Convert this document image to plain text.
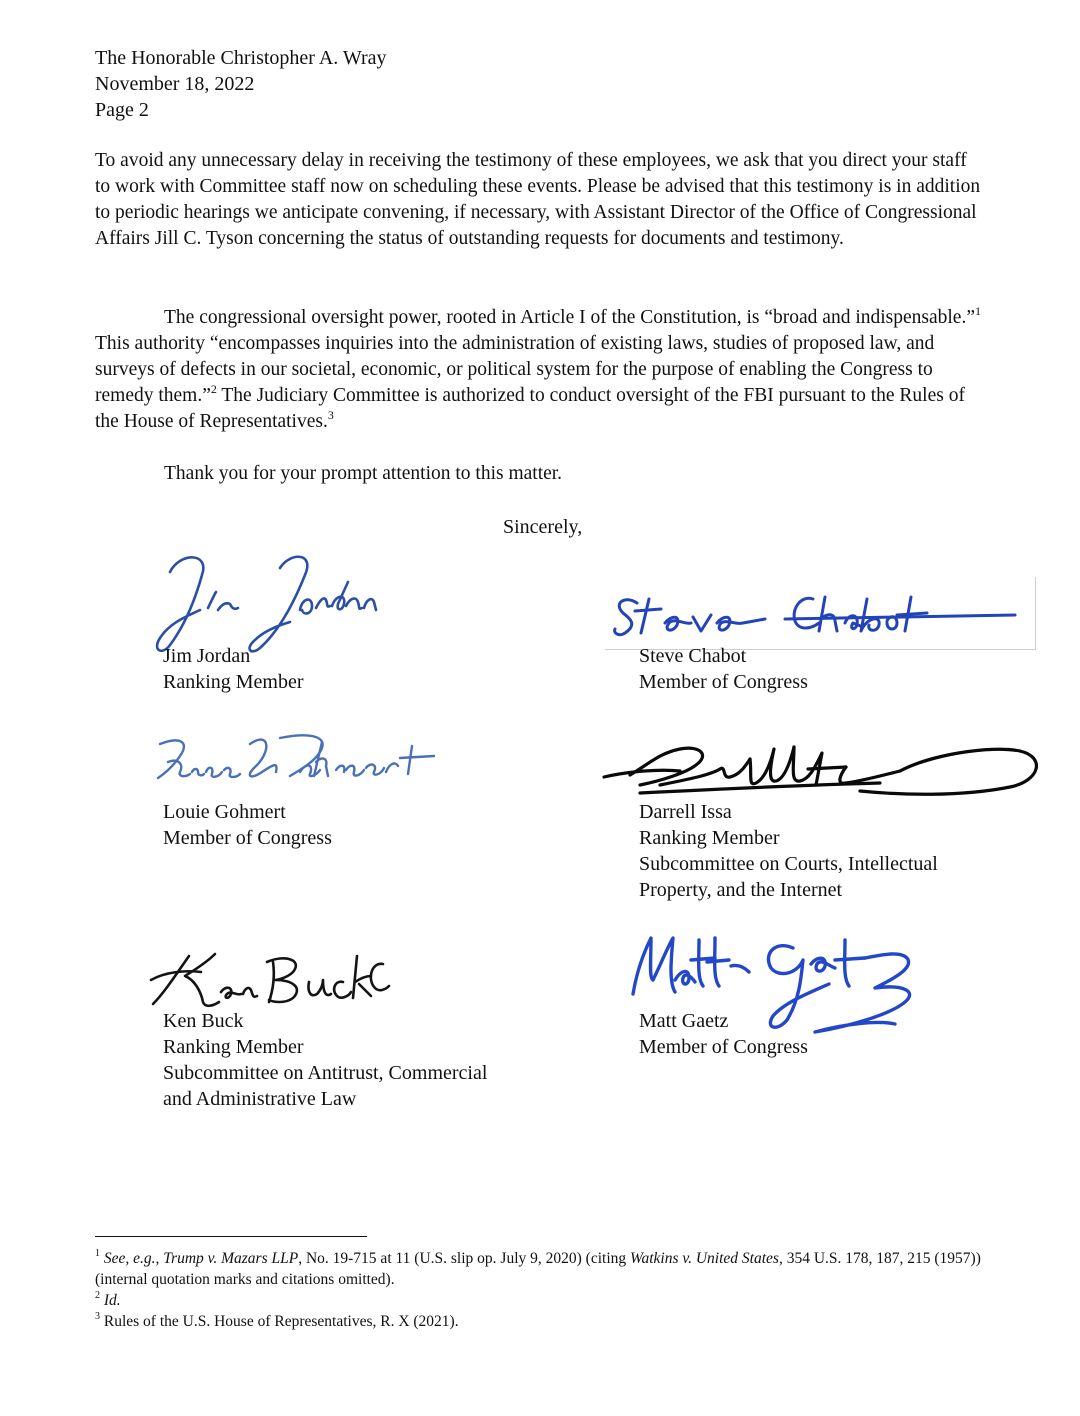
The Honorable Christopher A. Wray
November 18, 2022
Page 2

To avoid any unnecessary delay in receiving the testimony of these employees, we ask that you direct your staff to work with Committee staff now on scheduling these events. Please be advised that this testimony is in addition to periodic hearings we anticipate convening, if necessary, with Assistant Director of the Office of Congressional Affairs Jill C. Tyson concerning the status of outstanding requests for documents and testimony.

The congressional oversight power, rooted in Article I of the Constitution, is “broad and indispensable.”$^1$ This authority “encompasses inquiries into the administration of existing laws, studies of proposed law, and surveys of defects in our societal, economic, or political system for the purpose of enabling the Congress to remedy them.”$^2$ The Judiciary Committee is authorized to conduct oversight of the FBI pursuant to the Rules of the House of Representatives.$^3$

Thank you for your prompt attention to this matter.

Sincerely,
Jim Jordan
Ranking Member
Steve Chabot
Member of Congress
Louie Gohmert
Member of Congress
Darrell Issa
Ranking Member
Subcommittee on Courts, Intellectual
Property, and the Internet
Ken Buck
Ranking Member
Subcommittee on Antitrust, Commercial
and Administrative Law
Matt Gaetz
Member of Congress
$^1$ See, e.g., Trump v. Mazars LLP, No. 19-715 at 11 (U.S. slip op. July 9, 2020) (citing Watkins v. United States, 354 U.S. 178, 187, 215 (1957)) (internal quotation marks and citations omitted).
$^2$ Id.
$^3$ Rules of the U.S. House of Representatives, R. X (2021).
